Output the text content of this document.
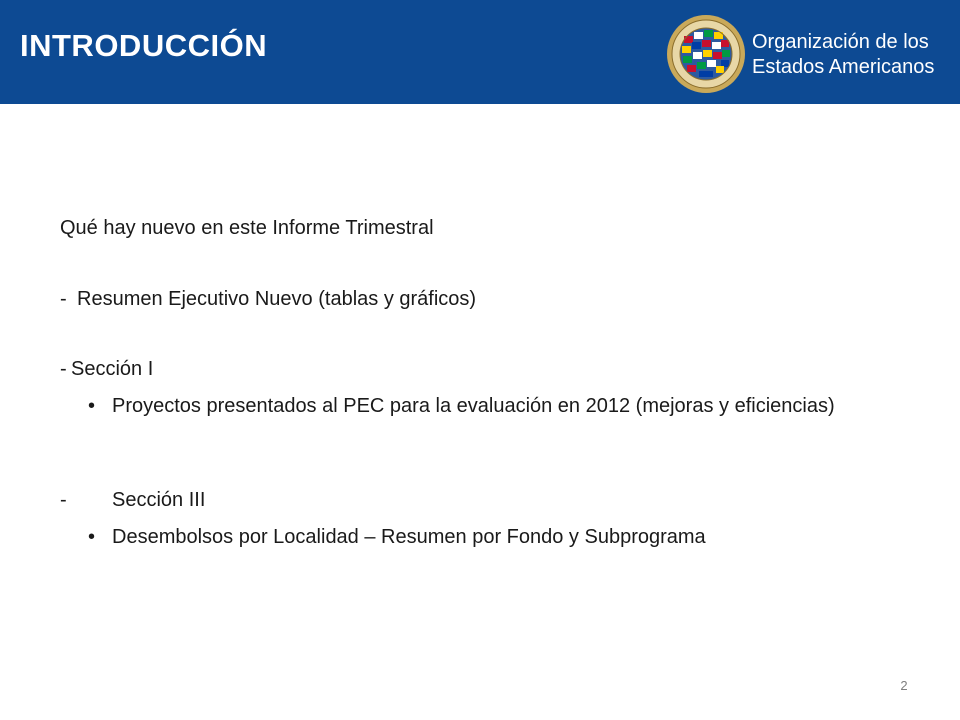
INTRODUCCIÓN	Organización de los
Estados Americanos
Qué hay nuevo en este Informe Trimestral
- Resumen Ejecutivo Nuevo (tablas y gráficos)
- Sección I
• Proyectos presentados al PEC para la evaluación en 2012 (mejoras y eficiencias)
- Sección III
• Desembolsos por Localidad – Resumen por Fondo y Subprograma
2
